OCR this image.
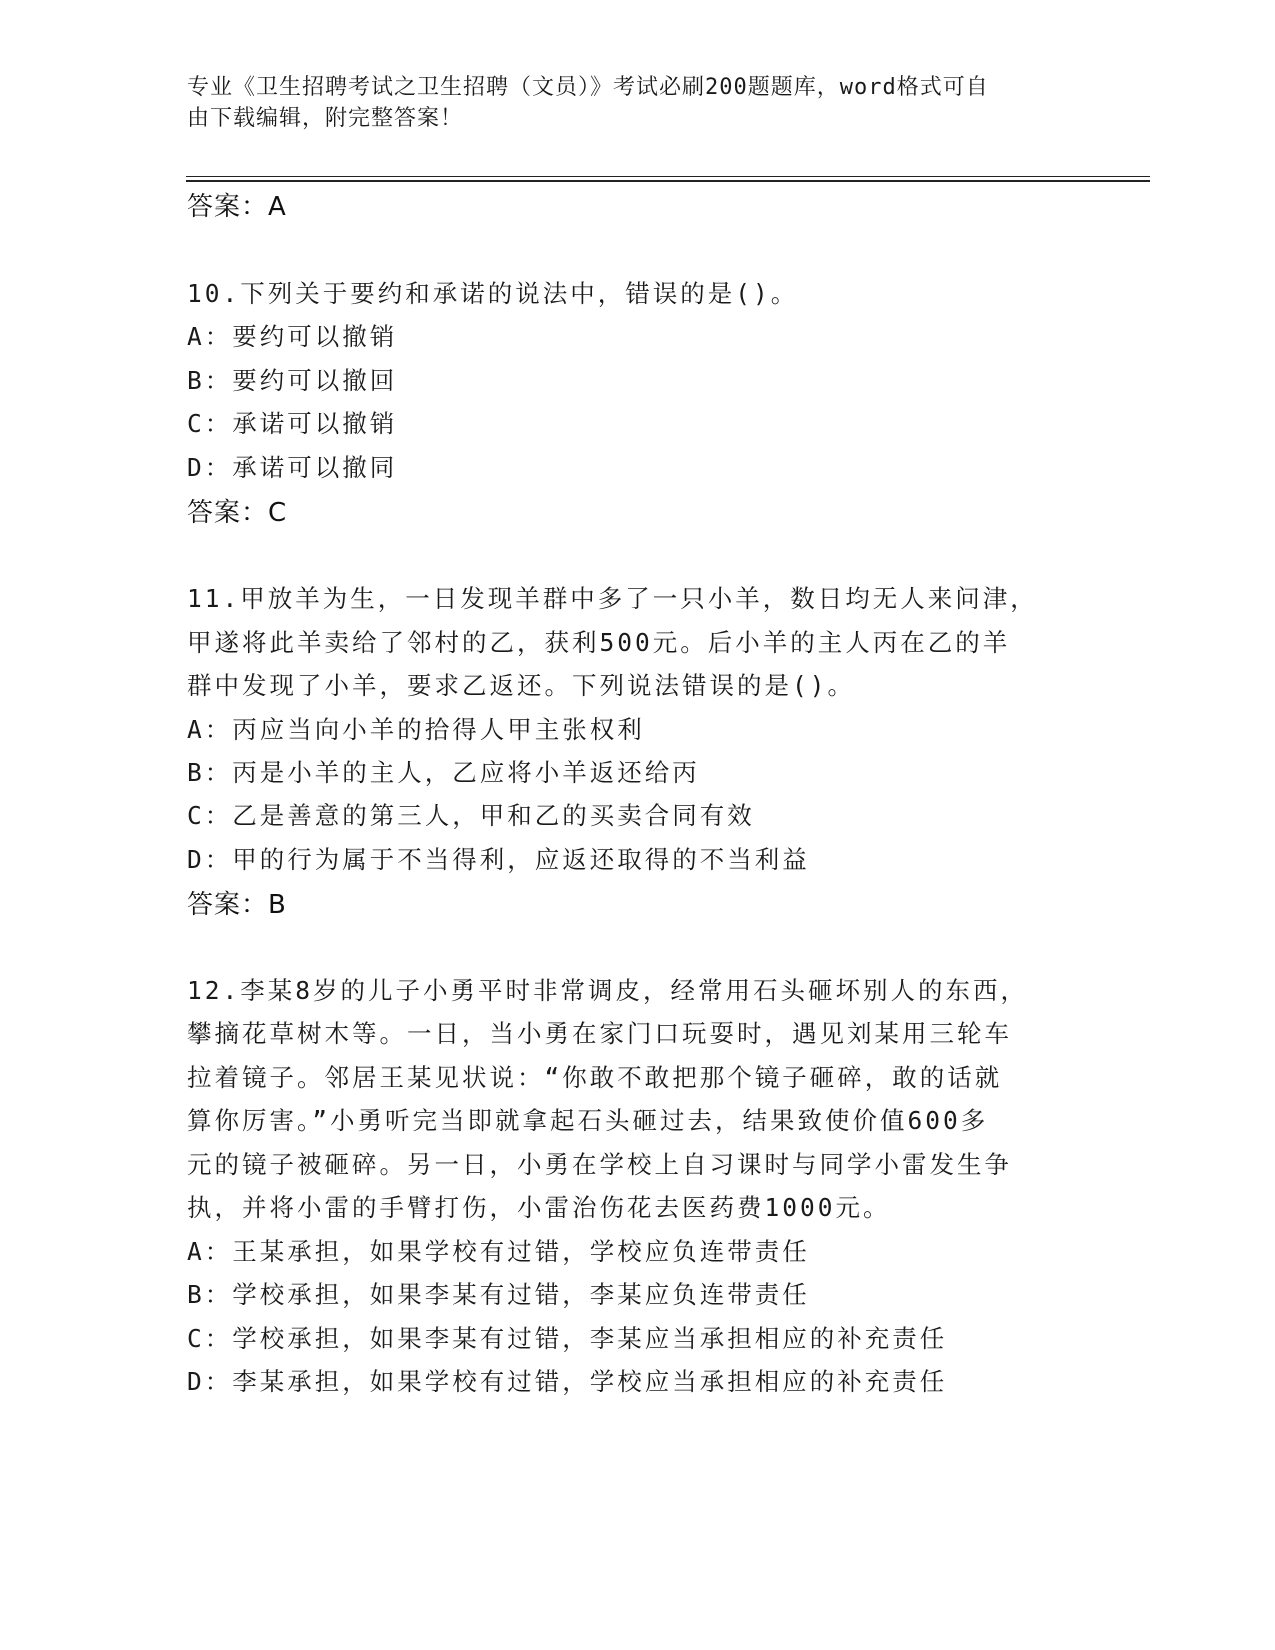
专业《卫生招聘考试之卫生招聘（文员）》考试必刷200题题库，word格式可自
由下载编辑，附完整答案！
答案：A
10.下列关于要约和承诺的说法中，错误的是()。
A：要约可以撤销
B：要约可以撤回
C：承诺可以撤销
D：承诺可以撤同
答案：C
11.甲放羊为生，一日发现羊群中多了一只小羊，数日均无人来问津，
甲遂将此羊卖给了邻村的乙，获利500元。后小羊的主人丙在乙的羊
群中发现了小羊，要求乙返还。下列说法错误的是()。
A：丙应当向小羊的拾得人甲主张权利
B：丙是小羊的主人，乙应将小羊返还给丙
C：乙是善意的第三人，甲和乙的买卖合同有效
D：甲的行为属于不当得利，应返还取得的不当利益
答案：B
12.李某8岁的儿子小勇平时非常调皮，经常用石头砸坏别人的东西，
攀摘花草树木等。一日，当小勇在家门口玩耍时，遇见刘某用三轮车
拉着镜子。邻居王某见状说：“你敢不敢把那个镜子砸碎，敢的话就
算你厉害。”小勇听完当即就拿起石头砸过去，结果致使价值600多
元的镜子被砸碎。另一日，小勇在学校上自习课时与同学小雷发生争
执，并将小雷的手臂打伤，小雷治伤花去医药费1000元。
A：王某承担，如果学校有过错，学校应负连带责任
B：学校承担，如果李某有过错，李某应负连带责任
C：学校承担，如果李某有过错，李某应当承担相应的补充责任
D：李某承担，如果学校有过错，学校应当承担相应的补充责任
